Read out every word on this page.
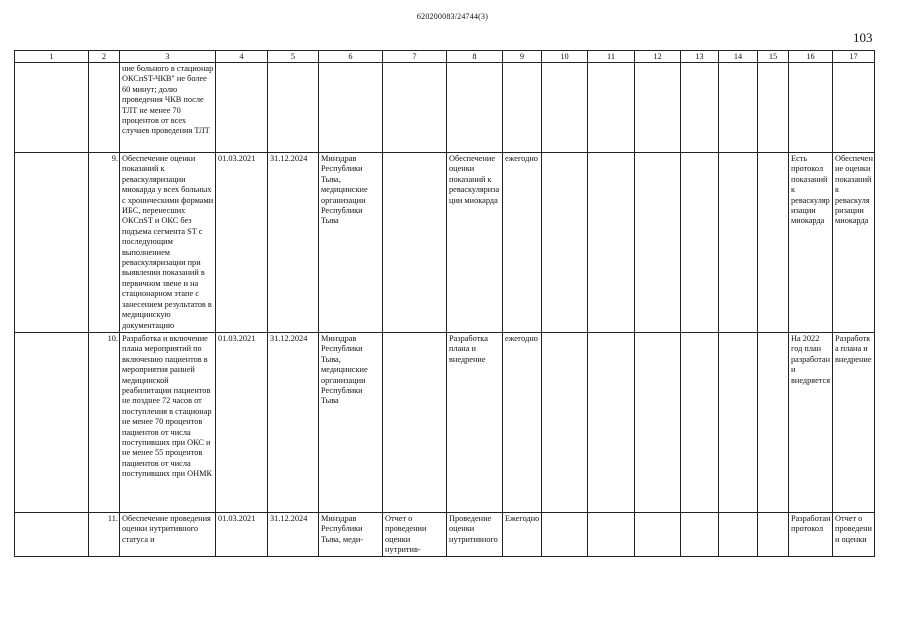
620200083/24744(3)
103
1	2	3	4	5	6	7	8	9	10	11	12	13	14	15	16	17
		ние больного в стационар ОКСпST-ЧКВ" не более 60 минут; долю проведения ЧКВ после ТЛТ не менее 70 процентов от всех случаев проведения ТЛТ														
	9.	Обеспечение оценки показаний к реваскуляризации миокарда у всех больных с хроническими формами ИБС, перенесших ОКСпST и ОКС без подъема сегмента ST с последующим выполнением реваскуляризации при выявлении показаний в первичном звене и на стационарном этапе с занесением результатов в медицинскую документацию	01.03.2021	31.12.2024	Минздрав Республики Тыва, медицинские организации Республики Тыва		Обеспечение оценки показаний к реваскуляризации миокарда	ежегодно							Есть протокол показаний к реваскуляризации миокарда	Обеспечение оценки показаний к реваскуляризации миокарда
	10.	Разработка и включение плана мероприятий по включению пациентов в мероприятия ранней медицинской реабилитации пациентов не позднее 72 часов от поступления в стационар не менее 70 процентов пациентов от числа поступивших при ОКС и не менее 55 процентов пациентов от числа поступивших при ОНМК	01.03.2021	31.12.2024	Минздрав Республики Тыва, медицинские организации Республики Тыва		Разработка плана и внедрение	ежегодно							На 2022 год план разработан и внедряется	Разработка плана и внедрение
	11.	Обеспечение проведения оценки нутритивного статуса и	01.03.2021	31.12.2024	Минздрав Республики Тыва, меди-	Отчет о проведении оценки нутритив-	Проведение оценки нутритивного	Ежегодно							Разработан протокол	Отчет о проведении оценки
